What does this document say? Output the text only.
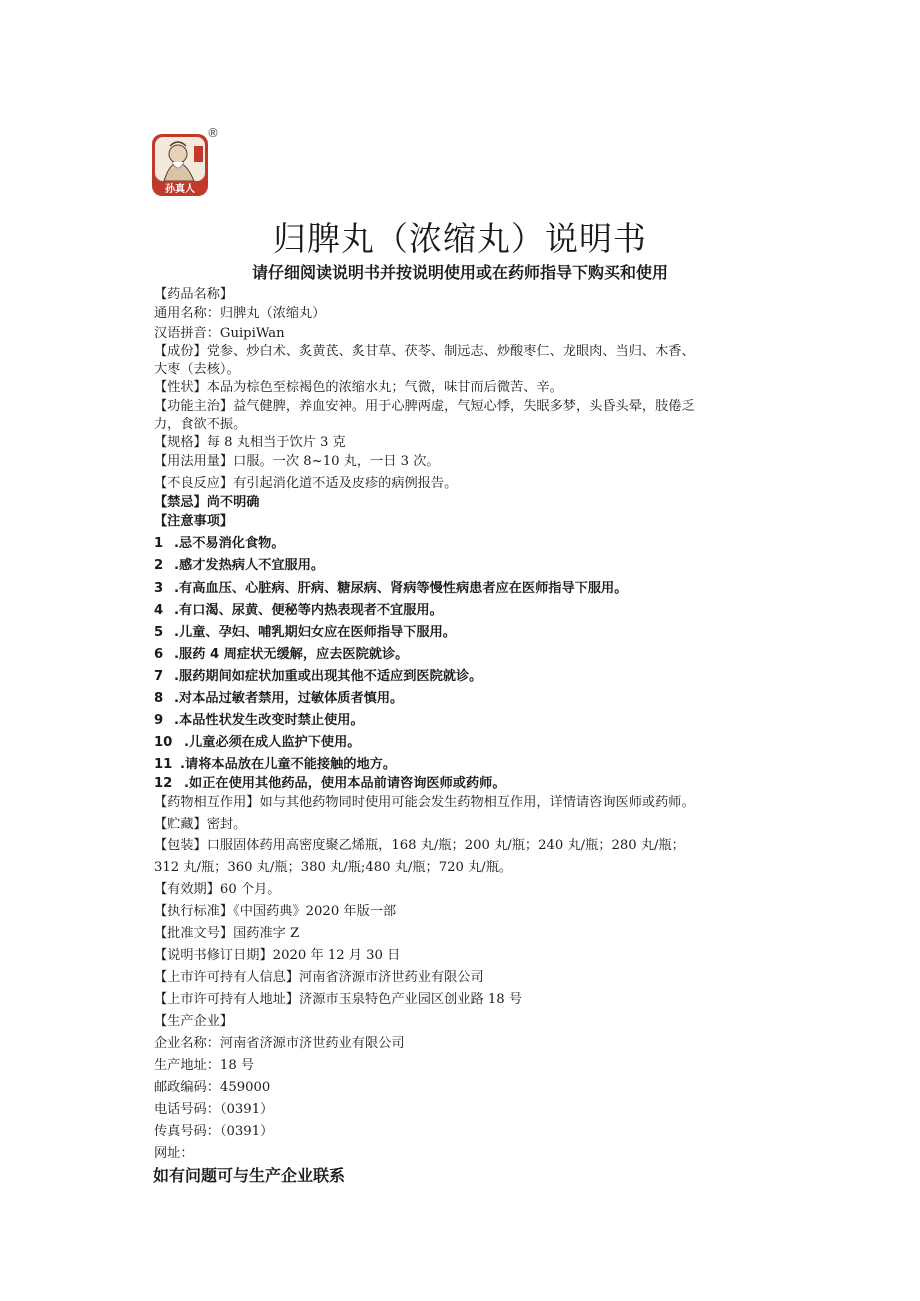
孙真人
®
归脾丸（浓缩丸）说明书
请仔细阅读说明书并按说明使用或在药师指导下购买和使用
【药品名称】
通用名称：归脾丸（浓缩丸）
汉语拼音：GuipiWan
【成份】党参、炒白术、炙黄芪、炙甘草、茯苓、制远志、炒酸枣仁、龙眼肉、当归、木香、
大枣（去核）。
【性状】本品为棕色至棕褐色的浓缩水丸；气微，味甘而后微苦、辛。
【功能主治】益气健脾，养血安神。用于心脾两虚，气短心悸，失眠多梦，头昏头晕，肢倦乏
力，食欲不振。
【规格】每 8 丸相当于饮片 3 克
【用法用量】口服。一次 8~10 丸，一日 3 次。
【不良反应】有引起消化道不适及皮疹的病例报告。
【禁忌】尚不明确
【注意事项】
1 .忌不易消化食物。
2 .感才发热病人不宜服用。
3 .有高血压、心脏病、肝病、糖尿病、肾病等慢性病患者应在医师指导下服用。
4 .有口渴、尿黄、便秘等内热表现者不宜服用。
5 .儿童、孕妇、哺乳期妇女应在医师指导下服用。
6 .服药 4 周症状无缓解，应去医院就诊。
7 .服药期间如症状加重或出现其他不适应到医院就诊。
8 .对本品过敏者禁用，过敏体质者慎用。
9 .本品性状发生改变时禁止使用。
10 .儿童必须在成人监护下使用。
11 .请将本品放在儿童不能接触的地方。
12 .如正在使用其他药品，使用本品前请咨询医师或药师。
【药物相互作用】如与其他药物同时使用可能会发生药物相互作用，详情请咨询医师或药师。
【贮藏】密封。
【包装】口服固体药用高密度聚乙烯瓶，168 丸/瓶；200 丸/瓶；240 丸/瓶；280 丸/瓶；
312 丸/瓶；360 丸/瓶；380 丸/瓶;480 丸/瓶；720 丸/瓶。
【有效期】60 个月。
【执行标准】《中国药典》2020 年版一部
【批准文号】国药准字 Z
【说明书修订日期】2020 年 12 月 30 日
【上市许可持有人信息】河南省济源市济世药业有限公司
【上市许可持有人地址】济源市玉泉特色产业园区创业路 18 号
【生产企业】
企业名称：河南省济源市济世药业有限公司
生产地址：18 号
邮政编码：459000
电话号码：（0391）
传真号码：（0391）
网址：
如有问题可与生产企业联系
